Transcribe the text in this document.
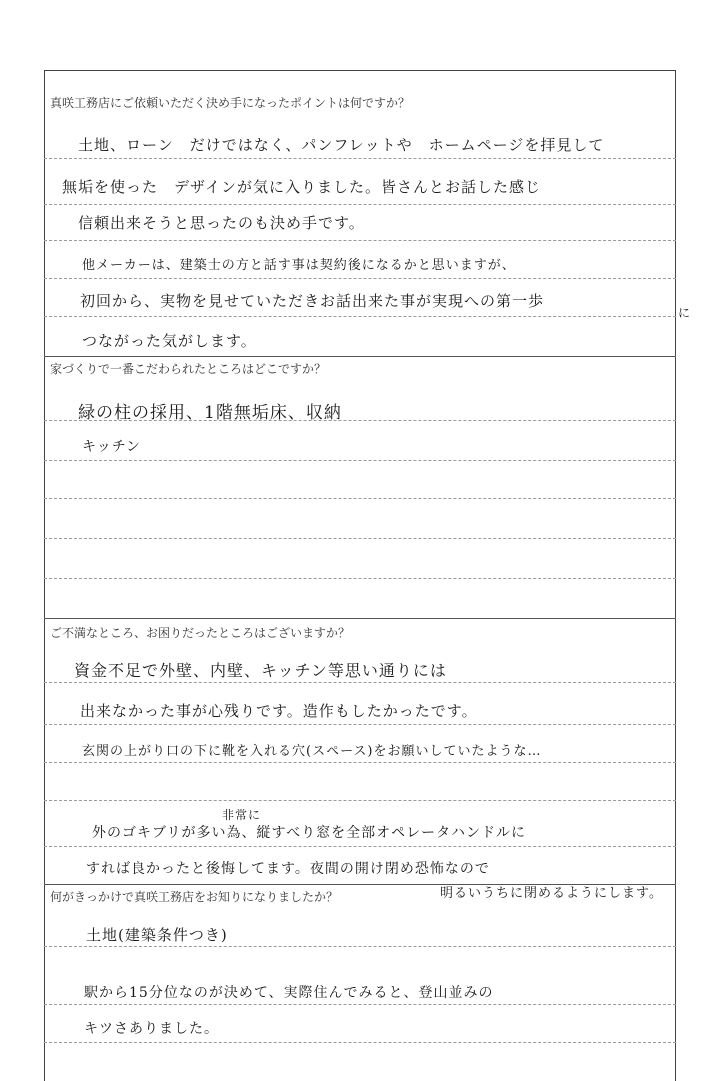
真咲工務店にご依頼いただく決め手になったポイントは何ですか？
土地、ローン　だけではなく、パンフレットや　ホームページを拝見して
無垢を使った　デザインが気に入りました。皆さんとお話した感じ
信頼出来そうと思ったのも決め手です。
他メーカーは、建築士の方と話す事は契約後になるかと思いますが、
初回から、実物を見せていただきお話出来た事が実現への第一歩
に
つながった気がします。
家づくりで一番こだわられたところはどこですか？
緑の柱の採用、1階無垢床、収納
キッチン
ご不満なところ、お困りだったところはございますか？
資金不足で外壁、内壁、キッチン等思い通りには
出来なかった事が心残りです。造作もしたかったです。
玄関の上がり口の下に靴を入れる穴(スペース)をお願いしていたような…
非常に
外のゴキブリが多い為、縦すべり窓を全部オペレータハンドルに
すれば良かったと後悔してます。夜間の開け閉め恐怖なので
明るいうちに閉めるようにします。
何がきっかけで真咲工務店をお知りになりましたか？
土地(建築条件つき)
駅から15分位なのが決めて、実際住んでみると、登山並みの
キツさありました。
